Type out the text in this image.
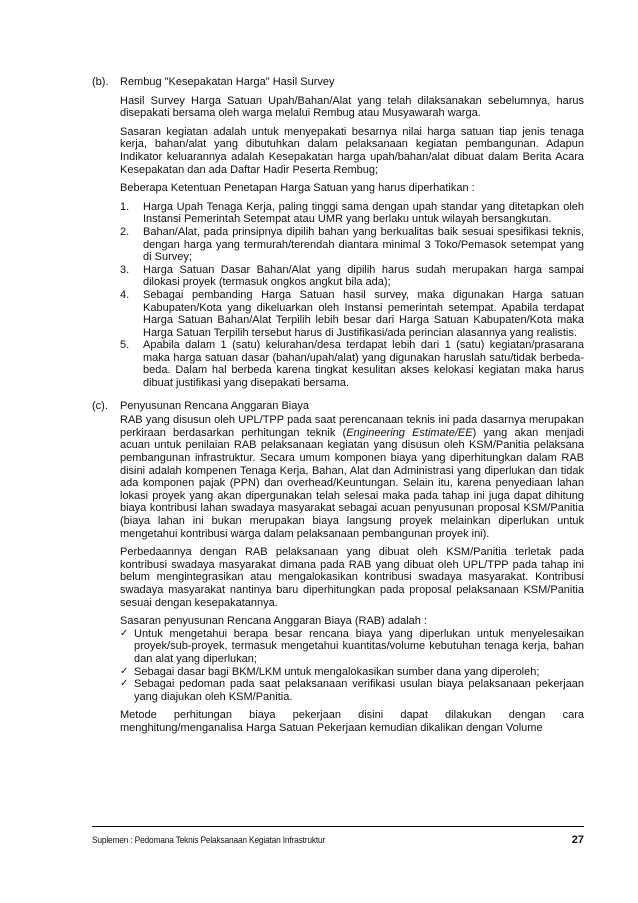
(b).	Rembug "Kesepakatan Harga" Hasil Survey

Hasil Survey Harga Satuan Upah/Bahan/Alat yang telah dilaksanakan sebelumnya, harus disepakati bersama oleh warga melalui Rembug atau Musyawarah warga.

Sasaran kegiatan adalah untuk menyepakati besarnya nilai harga satuan tiap jenis tenaga kerja, bahan/alat yang dibutuhkan dalam pelaksanaan kegiatan pembangunan. Adapun Indikator keluarannya adalah Kesepakatan harga upah/bahan/alat dibuat dalam Berita Acara Kesepakatan dan ada Daftar Hadir Peserta Rembug;

Beberapa Ketentuan Penetapan Harga Satuan yang harus diperhatikan :

1.	Harga Upah Tenaga Kerja, paling tinggi sama dengan upah standar yang ditetapkan oleh Instansi Pemerintah Setempat atau UMR yang berlaku untuk wilayah bersangkutan.
2.	Bahan/Alat, pada prinsipnya dipilih bahan yang berkualitas baik sesuai spesifikasi teknis, dengan harga yang termurah/terendah diantara minimal 3 Toko/Pemasok setempat yang di Survey;
3.	Harga Satuan Dasar Bahan/Alat yang dipilih harus sudah merupakan harga sampai dilokasi proyek (termasuk ongkos angkut bila ada);
4.	Sebagai pembanding Harga Satuan hasil survey, maka digunakan Harga satuan Kabupaten/Kota yang dikeluarkan oleh Instansi pemerintah setempat. Apabila terdapat Harga Satuan Bahan/Alat Terpilih lebih besar dari Harga Satuan Kabupaten/Kota maka Harga Satuan Terpilih tersebut harus di Justifikasi/ada perincian alasannya yang realistis.
5.	Apabila dalam 1 (satu) kelurahan/desa terdapat lebih dari 1 (satu) kegiatan/prasarana maka harga satuan dasar (bahan/upah/alat) yang digunakan haruslah satu/tidak berbeda-beda. Dalam hal berbeda karena tingkat kesulitan akses kelokasi kegiatan maka harus dibuat justifikasi yang disepakati bersama.
(c).	Penyusunan Rencana Anggaran Biaya

RAB yang disusun oleh UPL/TPP pada saat perencanaan teknis ini pada dasarnya merupakan perkiraan berdasarkan perhitungan teknik (Engineering Estimate/EE) yang akan menjadi acuan untuk penilaian RAB pelaksanaan kegiatan yang disusun oleh KSM/Panitia pelaksana pembangunan infrastruktur. Secara umum komponen biaya yang diperhitungkan dalam RAB disini adalah kompenen Tenaga Kerja, Bahan, Alat dan Administrasi yang diperlukan dan tidak ada komponen pajak (PPN) dan overhead/Keuntungan. Selain itu, karena penyediaan lahan lokasi proyek yang akan dipergunakan telah selesai maka pada tahap ini juga dapat dihitung biaya kontribusi lahan swadaya masyarakat sebagai acuan penyusunan proposal KSM/Panitia (biaya lahan ini bukan merupakan biaya langsung proyek melainkan diperlukan untuk mengetahui kontribusi warga dalam pelaksanaan pembangunan proyek ini).

Perbedaannya dengan RAB pelaksanaan yang dibuat oleh KSM/Panitia terletak pada kontribusi swadaya masyarakat dimana pada RAB yang dibuat oleh UPL/TPP pada tahap ini belum mengintegrasikan atau mengalokasikan kontribusi swadaya masyarakat. Kontribusi swadaya masyarakat nantinya baru diperhitungkan pada proposal pelaksanaan KSM/Panitia sesuai dengan kesepakatannya.

Sasaran penyusunan Rencana Anggaran Biaya (RAB) adalah :

✓ Untuk mengetahui berapa besar rencana biaya yang diperlukan untuk menyelesaikan proyek/sub-proyek, termasuk mengetahui kuantitas/volume kebutuhan tenaga kerja, bahan dan alat yang diperlukan;
✓ Sebagai dasar bagi BKM/LKM untuk mengalokasikan sumber dana yang diperoleh;
✓ Sebagai pedoman pada saat pelaksanaan verifikasi usulan biaya pelaksanaan pekerjaan yang diajukan oleh KSM/Panitia.

Metode perhitungan biaya pekerjaan disini dapat dilakukan dengan cara menghitung/menganalisa Harga Satuan Pekerjaan kemudian dikalikan dengan Volume

Suplemen : Pedomana Teknis Pelaksanaan Kegiatan Infrastruktur	27
